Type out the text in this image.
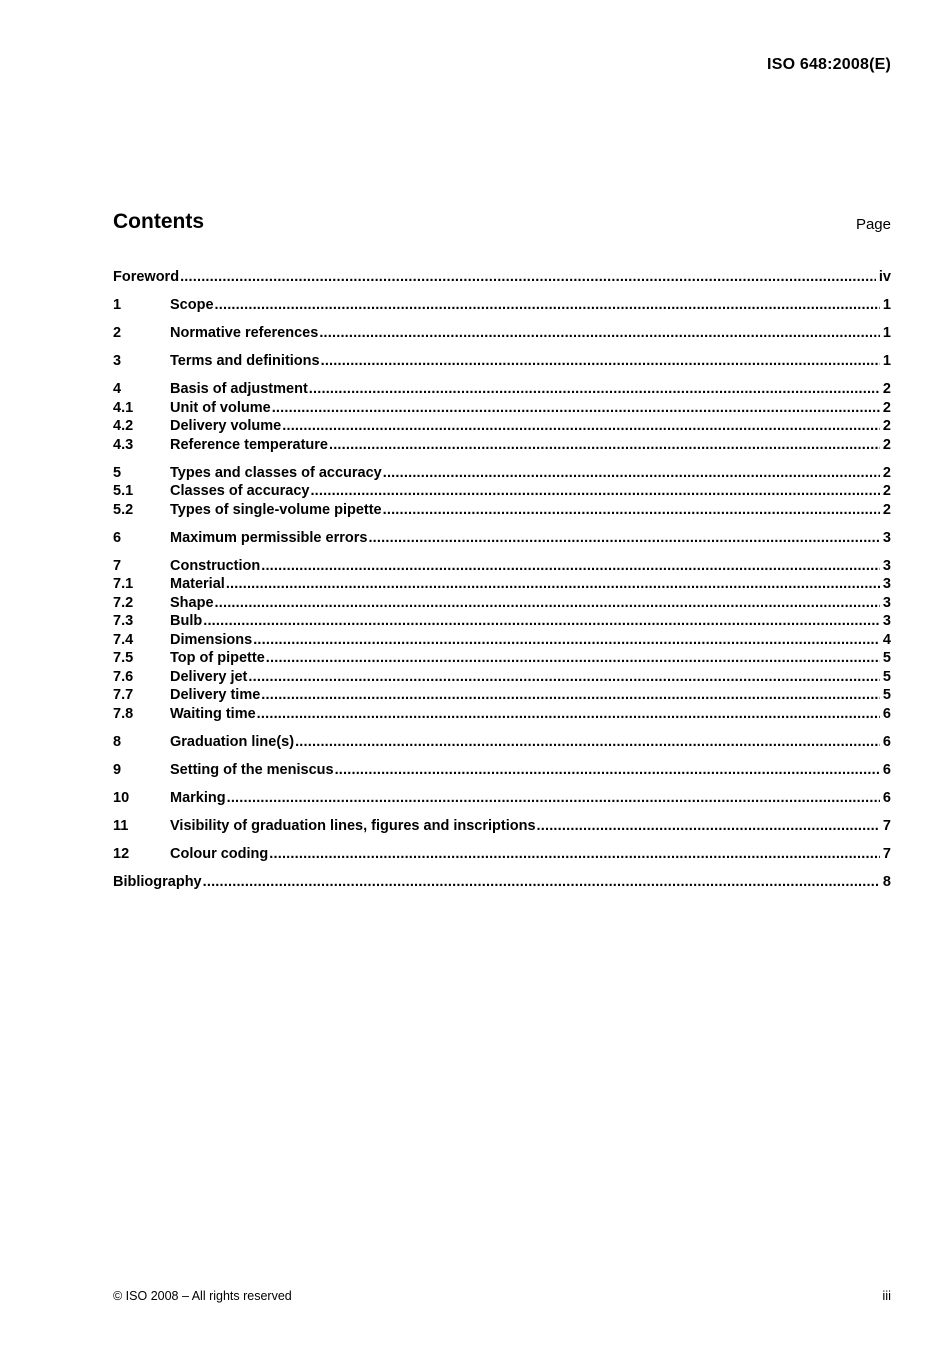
ISO 648:2008(E)
Contents	Page
Foreword .....	iv
1	Scope .....	1
2	Normative references .....	1
3	Terms and definitions .....	1
4	Basis of adjustment .....	2
4.1	Unit of volume .....	2
4.2	Delivery volume .....	2
4.3	Reference temperature .....	2
5	Types and classes of accuracy .....	2
5.1	Classes of accuracy .....	2
5.2	Types of single-volume pipette .....	2
6	Maximum permissible errors .....	3
7	Construction .....	3
7.1	Material .....	3
7.2	Shape .....	3
7.3	Bulb .....	3
7.4	Dimensions .....	4
7.5	Top of pipette .....	5
7.6	Delivery jet .....	5
7.7	Delivery time .....	5
7.8	Waiting time .....	6
8	Graduation line(s) .....	6
9	Setting of the meniscus .....	6
10	Marking .....	6
11	Visibility of graduation lines, figures and inscriptions .....	7
12	Colour coding .....	7
Bibliography .....	8
© ISO 2008 – All rights reserved	iii
